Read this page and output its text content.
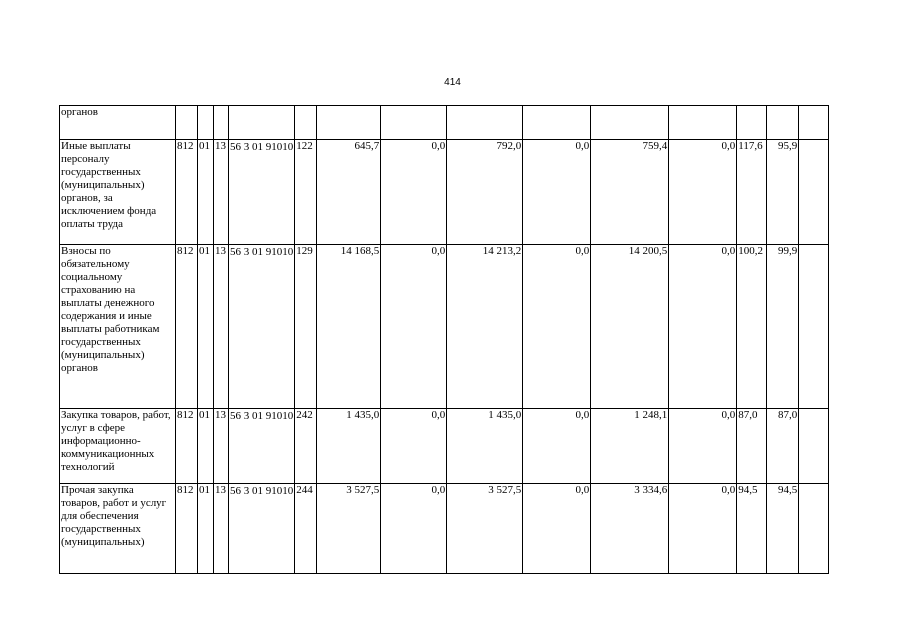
414
органов														
Иные выплаты персоналу государственных (муниципальных) органов, за исключением фонда оплаты труда	812	01	13	56 3 01 91010	122	645,7	0,0	792,0	0,0	759,4	0,0	117,6	95,9	
Взносы по обязательному социальному страхованию на выплаты денежного содержания и иные выплаты работникам государственных (муниципальных) органов	812	01	13	56 3 01 91010	129	14 168,5	0,0	14 213,2	0,0	14 200,5	0,0	100,2	99,9	
Закупка товаров, работ, услуг в сфере информационно-коммуникационных технологий	812	01	13	56 3 01 91010	242	1 435,0	0,0	1 435,0	0,0	1 248,1	0,0	87,0	87,0	
Прочая закупка товаров, работ и услуг для обеспечения государственных (муниципальных)	812	01	13	56 3 01 91010	244	3 527,5	0,0	3 527,5	0,0	3 334,6	0,0	94,5	94,5	
